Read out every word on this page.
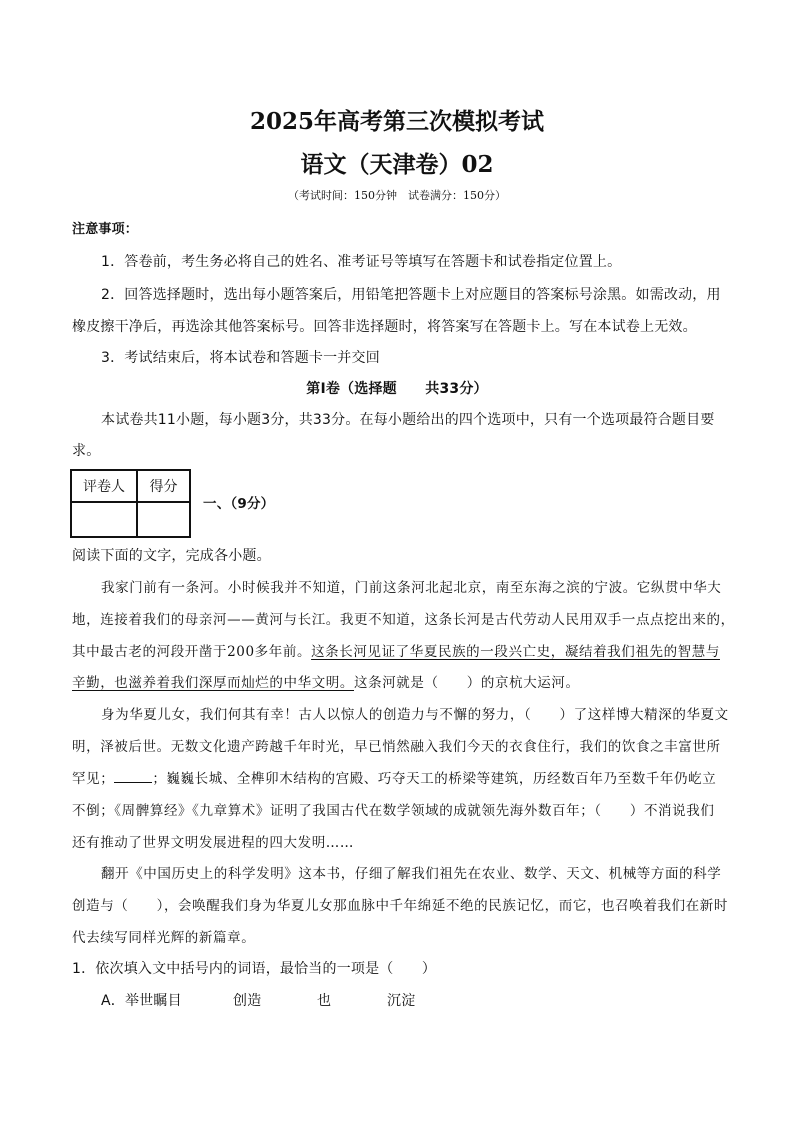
2025年高考第三次模拟考试
语文（天津卷）02
（考试时间：150分钟　试卷满分：150分）
注意事项：
1．答卷前，考生务必将自己的姓名、准考证号等填写在答题卡和试卷指定位置上。
2．回答选择题时，选出每小题答案后，用铅笔把答题卡上对应题目的答案标号涂黑。如需改动，用
橡皮擦干净后，再选涂其他答案标号。回答非选择题时，将答案写在答题卡上。写在本试卷上无效。
3．考试结束后，将本试卷和答题卡一并交回
第Ⅰ卷（选择题　　共33分）
本试卷共11小题，每小题3分，共33分。在每小题给出的四个选项中，只有一个选项最符合题目要
求。
评卷人	得分

一、（9分）
阅读下面的文字，完成各小题。
我家门前有一条河。小时候我并不知道，门前这条河北起北京，南至东海之滨的宁波。它纵贯中华大
地，连接着我们的母亲河——黄河与长江。我更不知道，这条长河是古代劳动人民用双手一点点挖出来的，
其中最古老的河段开凿于200多年前。这条长河见证了华夏民族的一段兴亡史，凝结着我们祖先的智慧与
辛勤，也滋养着我们深厚而灿烂的中华文明。这条河就是（　　）的京杭大运河。
身为华夏儿女，我们何其有幸！古人以惊人的创造力与不懈的努力，（　　）了这样博大精深的华夏文
明，泽被后世。无数文化遗产跨越千年时光，早已悄然融入我们今天的衣食住行，我们的饮食之丰富世所
罕见；	；巍巍长城、全榫卯木结构的宫殿、巧夺天工的桥梁等建筑，历经数百年乃至数千年仍屹立
不倒；《周髀算经》《九章算术》证明了我国古代在数学领域的成就领先海外数百年；（　　）不消说我们
还有推动了世界文明发展进程的四大发明……
翻开《中国历史上的科学发明》这本书，仔细了解我们祖先在农业、数学、天文、机械等方面的科学
创造与（　　），会唤醒我们身为华夏儿女那血脉中千年绵延不绝的民族记忆，而它，也召唤着我们在新时
代去续写同样光辉的新篇章。
1．依次填入文中括号内的词语，最恰当的一项是（　　）
A．举世瞩目	创造	也	沉淀
